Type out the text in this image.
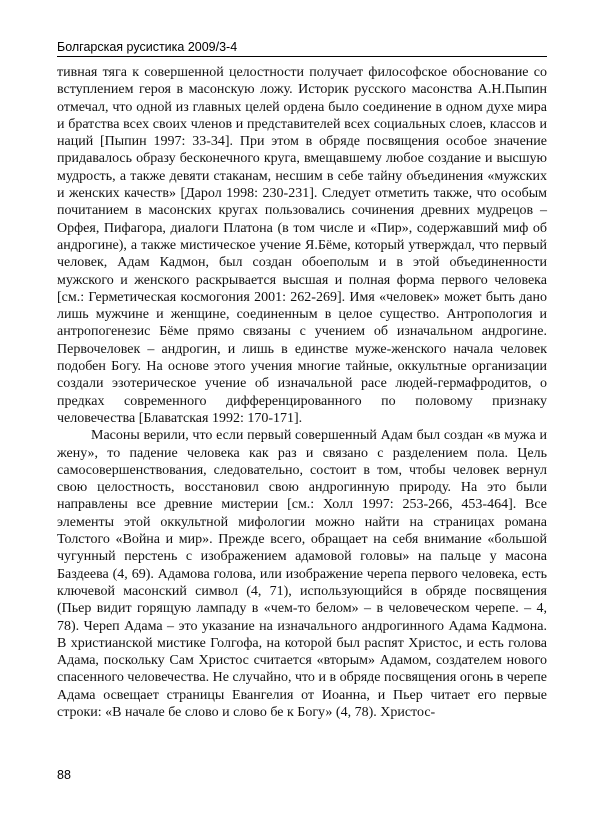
Болгарская русистика 2009/3-4

тивная тяга к совершенной целостности получает философское обоснование со вступлением героя в масонскую ложу. Историк русского масонства А.Н.Пыпин отмечал, что одной из главных целей ордена было соединение в одном духе мира и братства всех своих членов и представителей всех социальных слоев, классов и наций [Пыпин 1997: 33-34]. При этом в обряде посвящения особое значение придавалось образу бесконечного круга, вмещавшему любое создание и высшую мудрость, а также девяти стаканам, несшим в себе тайну объединения «мужских и женских качеств» [Дарол 1998: 230-231]. Следует отметить также, что особым почитанием в масонских кругах пользовались сочинения древних мудрецов – Орфея, Пифагора, диалоги Платона (в том числе и «Пир», содержавший миф об андрогине), а также мистическое учение Я.Бёме, который утверждал, что первый человек, Адам Кадмон, был создан обоеполым и в этой объединенности мужского и женского раскрывается высшая и полная форма первого человека [см.: Герметическая космогония 2001: 262-269]. Имя «человек» может быть дано лишь мужчине и женщине, соединенным в целое существо. Антропология и антропогенезис Бёме прямо связаны с учением об изначальном андрогине. Первочеловек – андрогин, и лишь в единстве муже-женского начала человек подобен Богу. На основе этого учения многие тайные, оккультные организации создали эзотерическое учение об изначальной расе людей-гермафродитов, о предках современного дифференцированного по половому признаку человечества [Блаватская 1992: 170-171].

Масоны верили, что если первый совершенный Адам был создан «в мужа и жену», то падение человека как раз и связано с разделением пола. Цель самосовершенствования, следовательно, состоит в том, чтобы человек вернул свою целостность, восстановил свою андрогинную природу. На это были направлены все древние мистерии [см.: Холл 1997: 253-266, 453-464]. Все элементы этой оккультной мифологии можно найти на страницах романа Толстого «Война и мир». Прежде всего, обращает на себя внимание «большой чугунный перстень с изображением адамовой головы» на пальце у масона Баздеева (4, 69). Адамова голова, или изображение черепа первого человека, есть ключевой масонский символ (4, 71), использующийся в обряде посвящения (Пьер видит горящую лампаду в «чем-то белом» – в человеческом черепе. – 4, 78). Череп Адама – это указание на изначального андрогинного Адама Кадмона. В христианской мистике Голгофа, на которой был распят Христос, и есть голова Адама, поскольку Сам Христос считается «вторым» Адамом, создателем нового спасенного человечества. Не случайно, что и в обряде посвящения огонь в черепе Адама освещает страницы Евангелия от Иоанна, и Пьер читает его первые строки: «В начале бе слово и слово бе к Богу» (4, 78). Христос-

88
